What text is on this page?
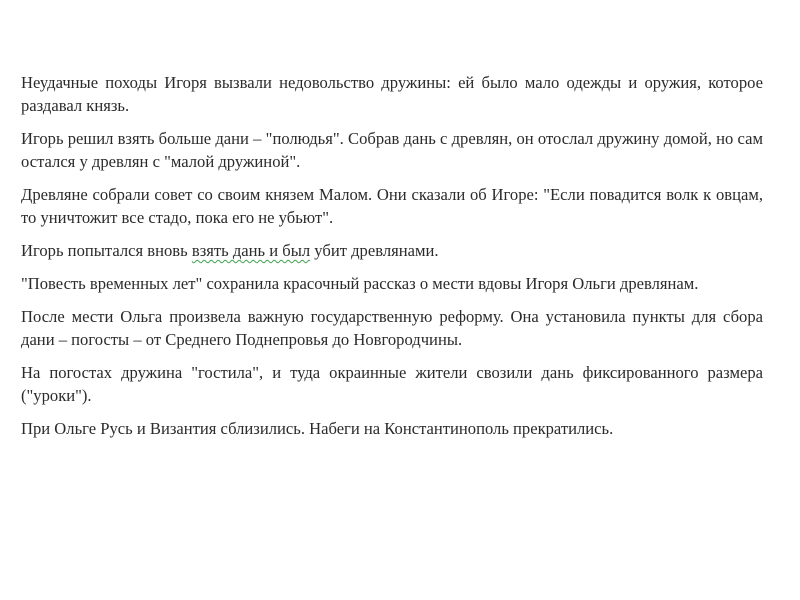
Неудачные походы Игоря вызвали недовольство дружины: ей было мало одежды и оружия, которое раздавал князь.

Игорь решил взять больше дани – "полюдья". Собрав дань с древлян, он отослал дружину домой, но сам остался у древлян с "малой дружиной".

Древляне собрали совет со своим князем Малом. Они сказали об Игоре: "Если повадится волк к овцам, то уничтожит все стадо, пока его не убьют".

Игорь попытался вновь взять дань и был убит древлянами.

"Повесть временных лет" сохранила красочный рассказ о мести вдовы Игоря Ольги древлянам.

После мести Ольга произвела важную государственную реформу. Она установила пункты для сбора дани – погосты – от Среднего Поднепровья до Новгородчины.

На погостах дружина "гостила", и туда окраинные жители свозили дань фиксированного размера ("уроки").

При Ольге Русь и Византия сблизились. Набеги на Константинополь прекратились.
